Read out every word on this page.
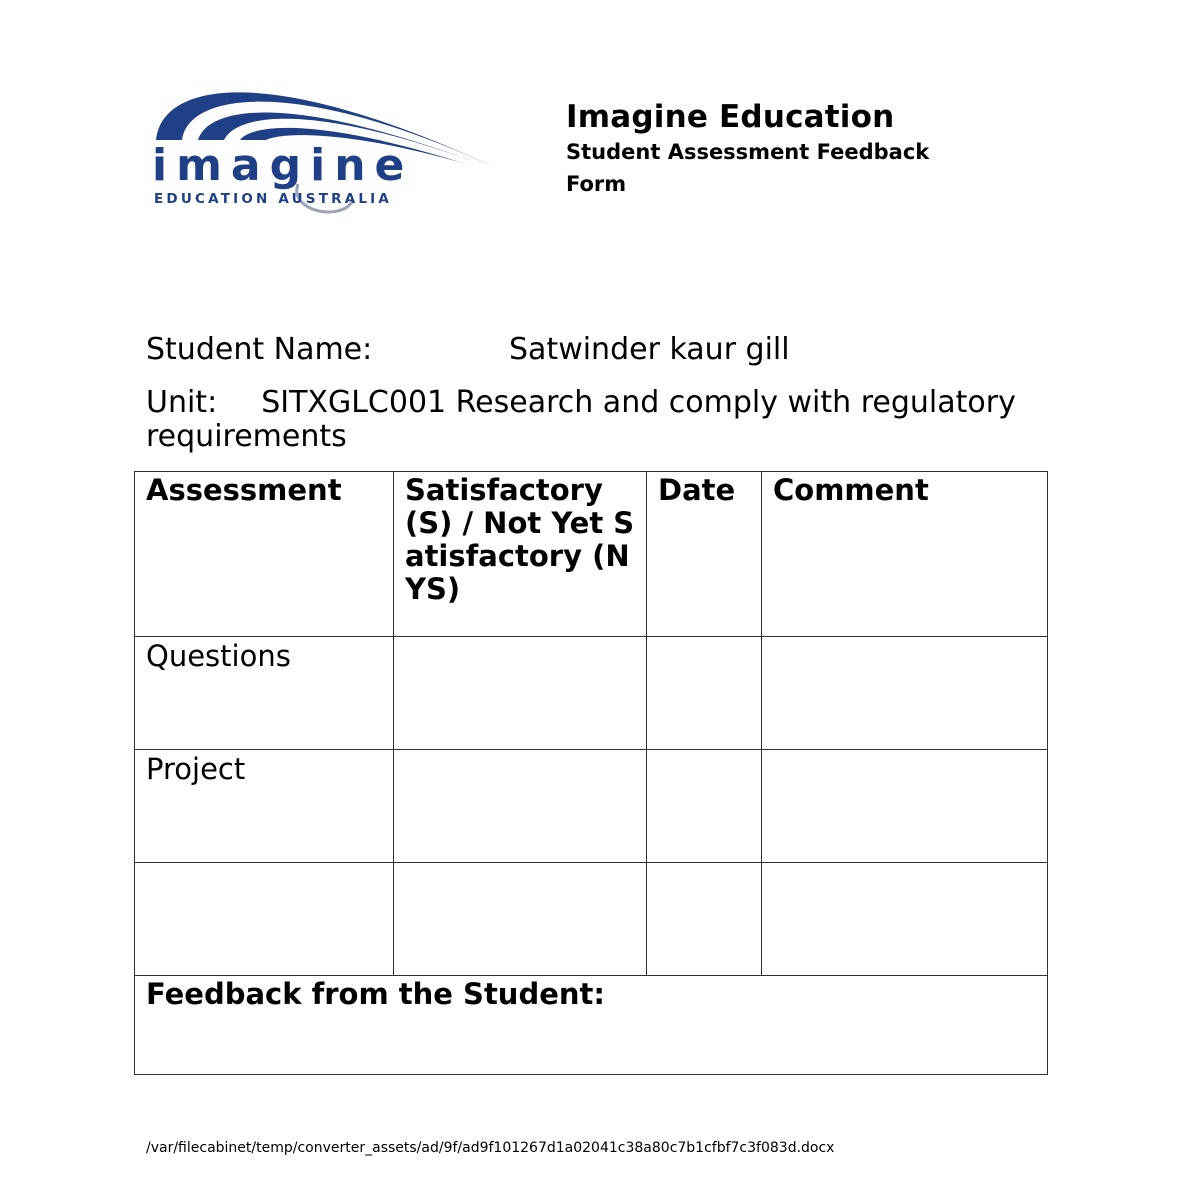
imagine
EDUCATION AUSTRALIA

Imagine Education

Student Assessment Feedback Form

Student Name:	Satwinder kaur gill
Unit: SITXGLC001 Research and comply with regulatory requirements
Assessment	Satisfactory (S) / Not Yet Satisfactory (NYS)	Date	Comment
Questions			
Project			

Feedback from the Student:			
/var/filecabinet/temp/converter_assets/ad/9f/ad9f101267d1a02041c38a80c7b1cfbf7c3f083d.docx
